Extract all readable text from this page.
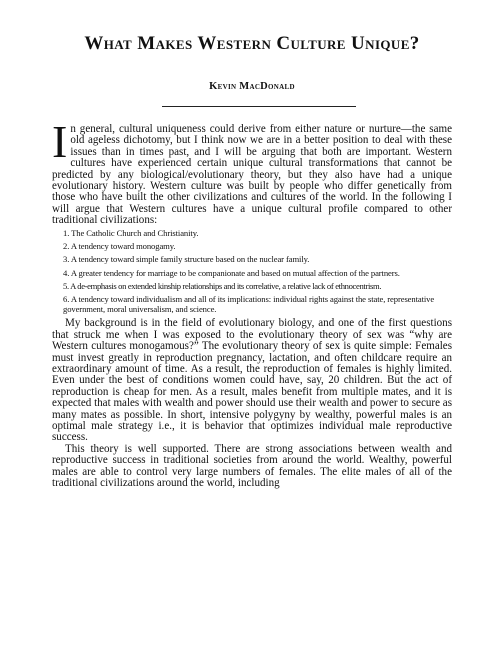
What Makes Western Culture Unique?
Kevin MacDonald

In general, cultural uniqueness could derive from either nature or nurture—the same old ageless dichotomy, but I think now we are in a better position to deal with these issues than in times past, and I will be arguing that both are important. Western cultures have experienced certain unique cultural transformations that cannot be predicted by any biological/evolutionary theory, but they also have had a unique evolutionary history. Western culture was built by people who differ genetically from those who have built the other civilizations and cultures of the world. In the following I will argue that Western cultures have a unique cultural profile compared to other traditional civilizations:

1. The Catholic Church and Christianity.
2. A tendency toward monogamy.
3. A tendency toward simple family structure based on the nuclear family.
4. A greater tendency for marriage to be companionate and based on mutual affection of the partners.
5. A de-emphasis on extended kinship relationships and its correlative, a relative lack of ethnocentrism.
6. A tendency toward individualism and all of its implications: individual rights against the state, representative government, moral universalism, and science.

My background is in the field of evolutionary biology, and one of the first questions that struck me when I was exposed to the evolutionary theory of sex was “why are Western cultures monogamous?” The evolutionary theory of sex is quite simple: Females must invest greatly in reproduction pregnancy, lactation, and often childcare require an extraordinary amount of time. As a result, the reproduction of females is highly limited. Even under the best of conditions women could have, say, 20 children. But the act of reproduction is cheap for men. As a result, males benefit from multiple mates, and it is expected that males with wealth and power should use their wealth and power to secure as many mates as possible. In short, intensive polygyny by wealthy, powerful males is an optimal male strategy i.e., it is behavior that optimizes individual male reproductive success.

This theory is well supported. There are strong associations between wealth and reproductive success in traditional societies from around the world. Wealthy, powerful males are able to control very large numbers of females. The elite males of all of the traditional civilizations around the world, including
